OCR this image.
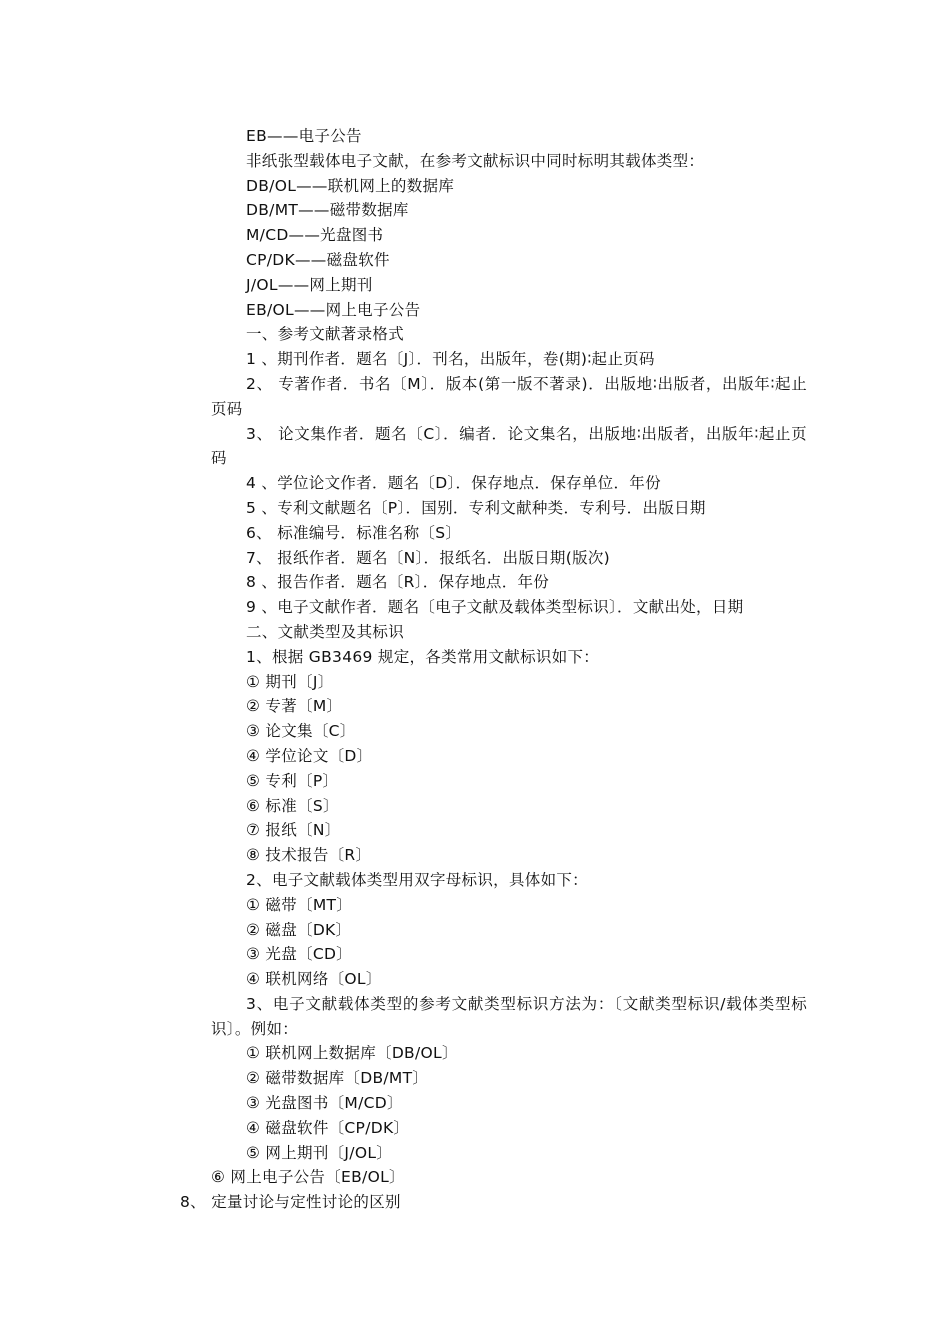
EB——电子公告
非纸张型载体电子文献，在参考文献标识中同时标明其载体类型：
DB/OL——联机网上的数据库
DB/MT——磁带数据库
M/CD——光盘图书
CP/DK——磁盘软件
J/OL——网上期刊
EB/OL——网上电子公告
一、参考文献著录格式
1 、期刊作者．题名〔J〕．刊名，出版年，卷(期)∶起止页码
2、 专著作者．书名〔M〕．版本(第一版不著录)．出版地∶出版者，出版年∶起止页码
3、 论文集作者．题名〔C〕．编者．论文集名，出版地∶出版者，出版年∶起止页码
4 、学位论文作者．题名〔D〕．保存地点．保存单位．年份
5 、专利文献题名〔P〕．国别．专利文献种类．专利号．出版日期
6、 标准编号．标准名称〔S〕
7、 报纸作者．题名〔N〕．报纸名．出版日期(版次)
8 、报告作者．题名〔R〕．保存地点．年份
9 、电子文献作者．题名〔电子文献及载体类型标识〕．文献出处，日期
二、文献类型及其标识
1、根据 GB3469 规定，各类常用文献标识如下：
① 期刊〔J〕
② 专著〔M〕
③ 论文集〔C〕
④ 学位论文〔D〕
⑤ 专利〔P〕
⑥ 标准〔S〕
⑦ 报纸〔N〕
⑧ 技术报告〔R〕
2、电子文献载体类型用双字母标识，具体如下：
① 磁带〔MT〕
② 磁盘〔DK〕
③ 光盘〔CD〕
④ 联机网络〔OL〕
3、电子文献载体类型的参考文献类型标识方法为：〔文献类型标识/载体类型标识〕。例如：
① 联机网上数据库〔DB/OL〕
② 磁带数据库〔DB/MT〕
③ 光盘图书〔M/CD〕
④ 磁盘软件〔CP/DK〕
⑤ 网上期刊〔J/OL〕
⑥ 网上电子公告〔EB/OL〕
8、 定量讨论与定性讨论的区别
